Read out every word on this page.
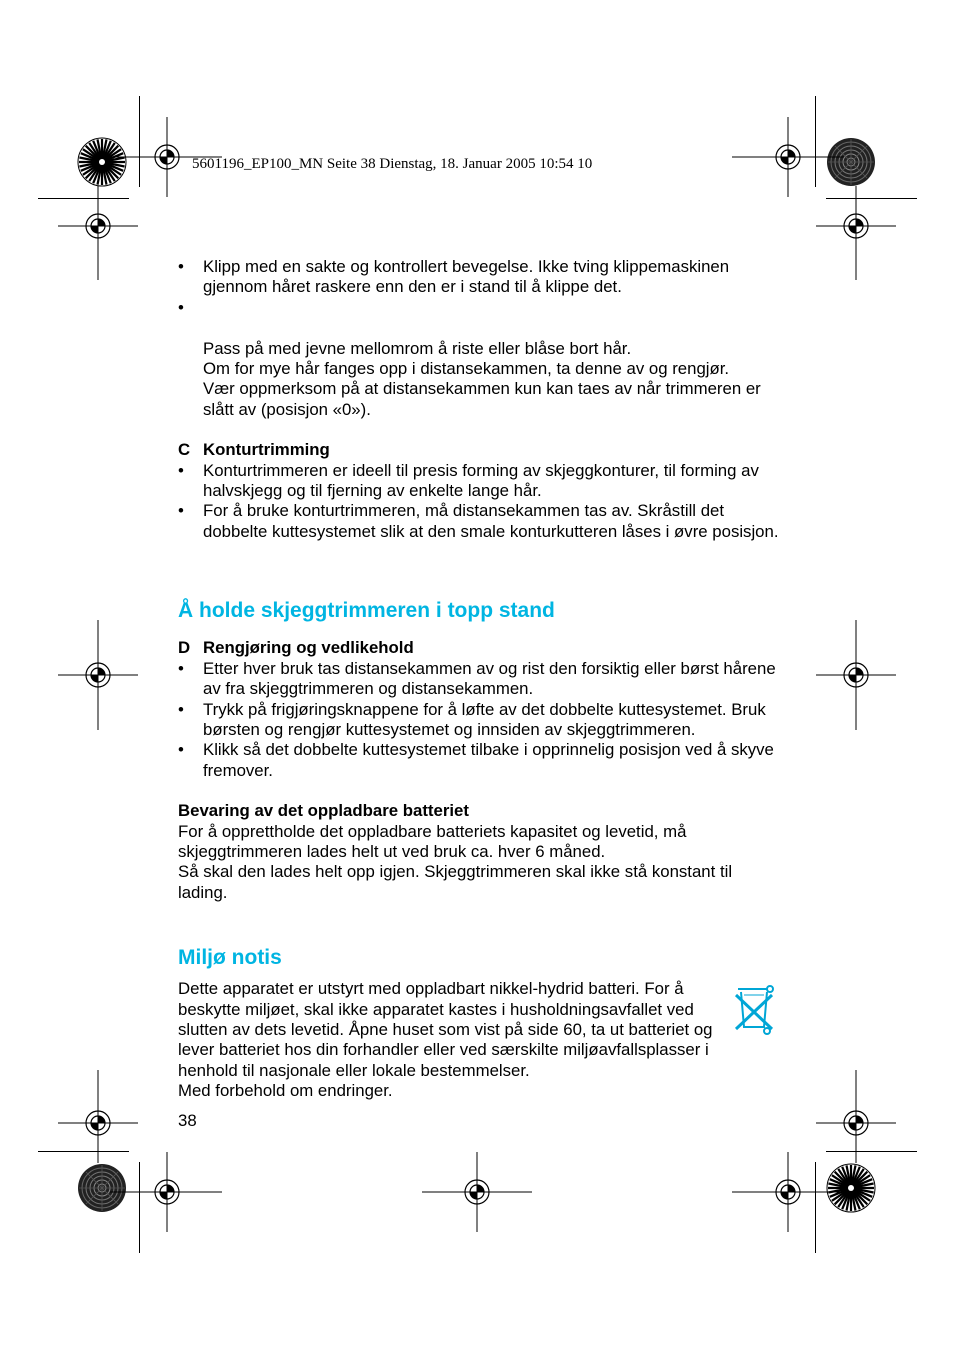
5601196_EP100_MN Seite 38 Dienstag, 18. Januar 2005 10:54 10
• Klipp med en sakte og kontrollert bevegelse. Ikke tving klippemaskinen gjennom håret raskere enn den er i stand til å klippe det.

•

Pass på med jevne mellomrom å riste eller blåse bort hår.
Om for mye hår fanges opp i distansekammen, ta denne av og rengjør.
Vær oppmerksom på at distansekammen kun kan taes av når trimmeren er slått av (posisjon «0»).

C Konturtrimming
• Konturtrimmeren er ideell til presis forming av skjeggkonturer, til forming av halvskjegg og til fjerning av enkelte lange hår.
• For å bruke konturtrimmeren, må distansekammen tas av. Skråstill det dobbelte kuttesystemet slik at den smale konturkutteren låses i øvre posisjon.
Å holde skjeggtrimmeren i topp stand
D Rengjøring og vedlikehold
• Etter hver bruk tas distansekammen av og rist den forsiktig eller børst hårene av fra skjeggtrimmeren og distansekammen.
• Trykk på frigjøringsknappene for å løfte av det dobbelte kuttesystemet. Bruk børsten og rengjør kuttesystemet og innsiden av skjeggtrimmeren.
• Klikk så det dobbelte kuttesystemet tilbake i opprinnelig posisjon ved å skyve fremover.
Bevaring av det oppladbare batteriet
For å opprettholde det oppladbare batteriets kapasitet og levetid, må skjeggtrimmeren lades helt ut ved bruk ca. hver 6 måned.
Så skal den lades helt opp igjen. Skjeggtrimmeren skal ikke stå konstant til lading.
Miljø notis
Dette apparatet er utstyrt med oppladbart nikkel-hydrid batteri. For å beskytte miljøet, skal ikke apparatet kastes i husholdningsavfallet ved slutten av dets levetid. Åpne huset som vist på side 60, ta ut batteriet og lever batteriet hos din forhandler eller ved særskilte miljøavfallsplasser i henhold til nasjonale eller lokale bestemmelser.
Med forbehold om endringer.
38
